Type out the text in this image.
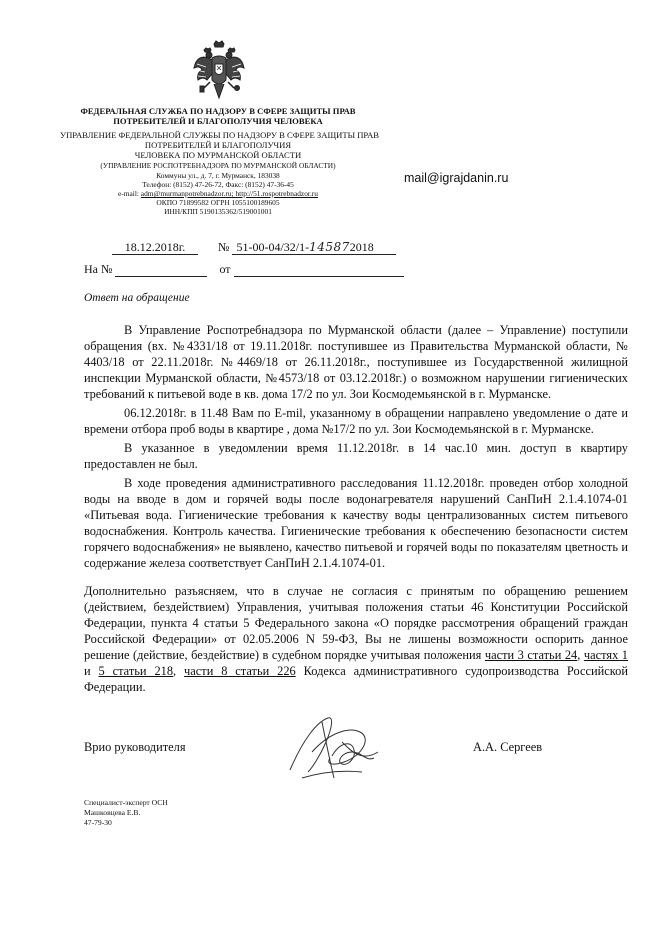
ФЕДЕРАЛЬНАЯ СЛУЖБА ПО НАДЗОРУ В СФЕРЕ ЗАЩИТЫ ПРАВ
ПОТРЕБИТЕЛЕЙ И БЛАГОПОЛУЧИЯ ЧЕЛОВЕКА
УПРАВЛЕНИЕ ФЕДЕРАЛЬНОЙ СЛУЖБЫ ПО НАДЗОРУ В СФЕРЕ ЗАЩИТЫ ПРАВ
ПОТРЕБИТЕЛЕЙ И БЛАГОПОЛУЧИЯ
ЧЕЛОВЕКА ПО МУРМАНСКОЙ ОБЛАСТИ
(УПРАВЛЕНИЕ РОСПОТРЕБНАДЗОРА ПО МУРМАНСКОЙ ОБЛАСТИ)
Коммуны ул., д. 7, г. Мурманск, 183038
Телефон: (8152) 47-26-72, Факс: (8152) 47-36-45
e-mail: adm@murmanpotrebnadzor.ru; http://51.rospotrebnadzor.ru
ОКПО 71899582 ОГРН 1055100189605
ИНН/КПП 5190135362/519001001
mail@igrajdanin.ru
18.12.2018г.	№ 51-00-04/32/1-145872018
На №	от
Ответ на обращение

В Управление Роспотребнадзора по Мурманской области (далее – Управление) поступили обращения (вх. №4331/18 от 19.11.2018г. поступившее из Правительства Мурманской области, № 4403/18 от 22.11.2018г. №4469/18 от 26.11.2018г., поступившее из Государственной жилищной инспекции Мурманской области, №4573/18 от 03.12.2018г.) о возможном нарушении гигиенических требований к питьевой воде в кв. дома 17/2 по ул. Зои Космодемьянской в г. Мурманске.

06.12.2018г. в 11.48 Вам по E-mil, указанному в обращении направлено уведомление о дате и времени отбора проб воды в квартире , дома №17/2 по ул. Зои Космодемьянской в г. Мурманске.

В указанное в уведомлении время 11.12.2018г. в 14 час.10 мин. доступ в квартиру предоставлен не был.

В ходе проведения административного расследования 11.12.2018г. проведен отбор холодной воды на вводе в дом и горячей воды после водонагревателя нарушений СанПиН 2.1.4.1074-01 «Питьевая вода. Гигиенические требования к качеству воды централизованных систем питьевого водоснабжения. Контроль качества. Гигиенические требования к обеспечению безопасности систем горячего водоснабжения» не выявлено, качество питьевой и горячей воды по показателям цветность и содержание железа соответствует СанПиН 2.1.4.1074-01.

Дополнительно разъясняем, что в случае не согласия с принятым по обращению решением (действием, бездействием) Управления, учитывая положения статьи 46 Конституции Российской Федерации, пункта 4 статьи 5 Федерального закона «О порядке рассмотрения обращений граждан Российской Федерации» от 02.05.2006 N 59-ФЗ, Вы не лишены возможности оспорить данное решение (действие, бездействие) в судебном порядке учитывая положения части 3 статьи 24, частях 1 и 5 статьи 218, части 8 статьи 226 Кодекса административного судопроизводства Российской Федерации.

Врио руководителя	А.А. Сергеев
Специалист-эксперт ОСН
Машковцева Е.В.
47-79-30
